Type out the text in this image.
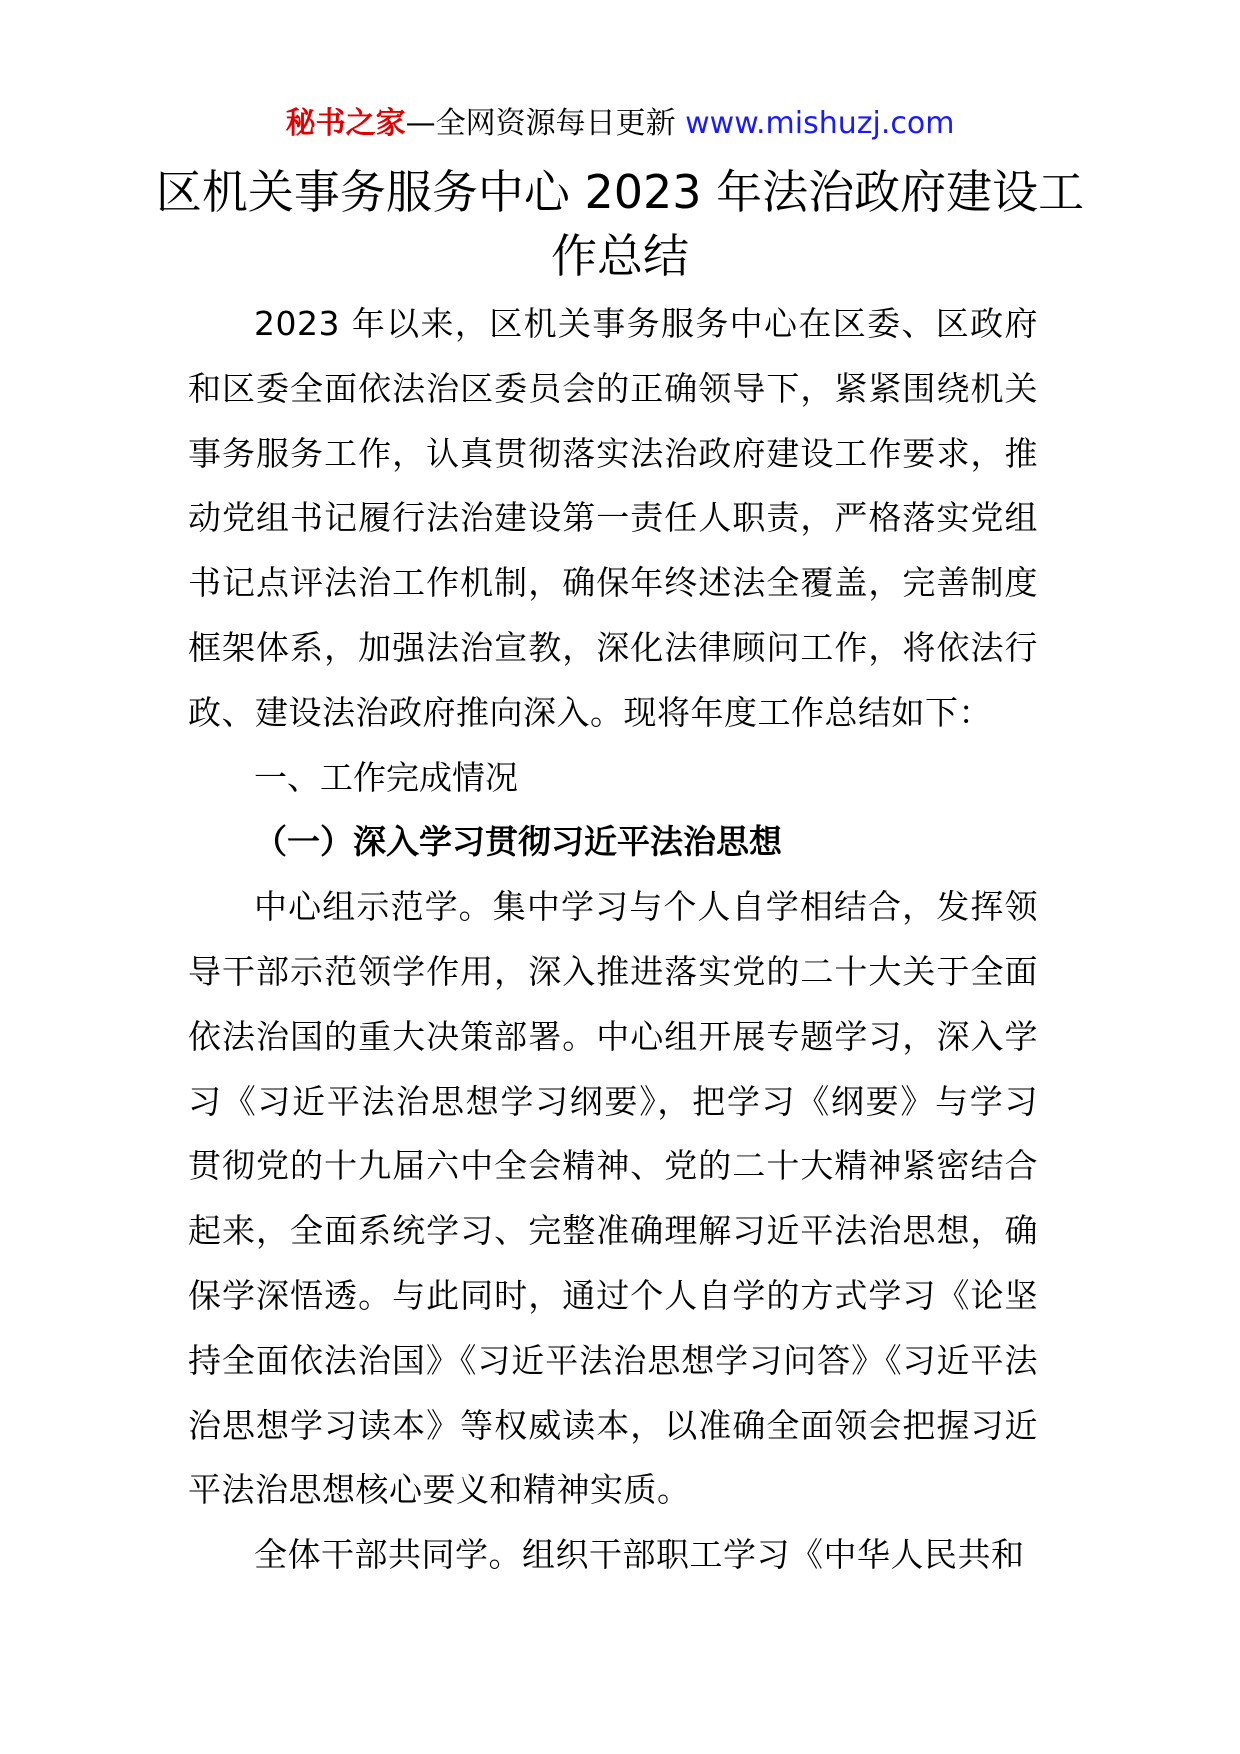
秘书之家—全网资源每日更新 www.mishuzj.com
区机关事务服务中心 2023 年法治政府建设工作总结

2023 年以来，区机关事务服务中心在区委、区政府和区委全面依法治区委员会的正确领导下，紧紧围绕机关事务服务工作，认真贯彻落实法治政府建设工作要求，推动党组书记履行法治建设第一责任人职责，严格落实党组书记点评法治工作机制，确保年终述法全覆盖，完善制度框架体系，加强法治宣教，深化法律顾问工作，将依法行政、建设法治政府推向深入。现将年度工作总结如下：

一、工作完成情况

（一）深入学习贯彻习近平法治思想

中心组示范学。集中学习与个人自学相结合，发挥领导干部示范领学作用，深入推进落实党的二十大关于全面依法治国的重大决策部署。中心组开展专题学习，深入学习《习近平法治思想学习纲要》，把学习《纲要》与学习贯彻党的十九届六中全会精神、党的二十大精神紧密结合起来，全面系统学习、完整准确理解习近平法治思想，确保学深悟透。与此同时，通过个人自学的方式学习《论坚持全面依法治国》《习近平法治思想学习问答》《习近平法治思想学习读本》等权威读本，以准确全面领会把握习近平法治思想核心要义和精神实质。

全体干部共同学。组织干部职工学习《中华人民共和
